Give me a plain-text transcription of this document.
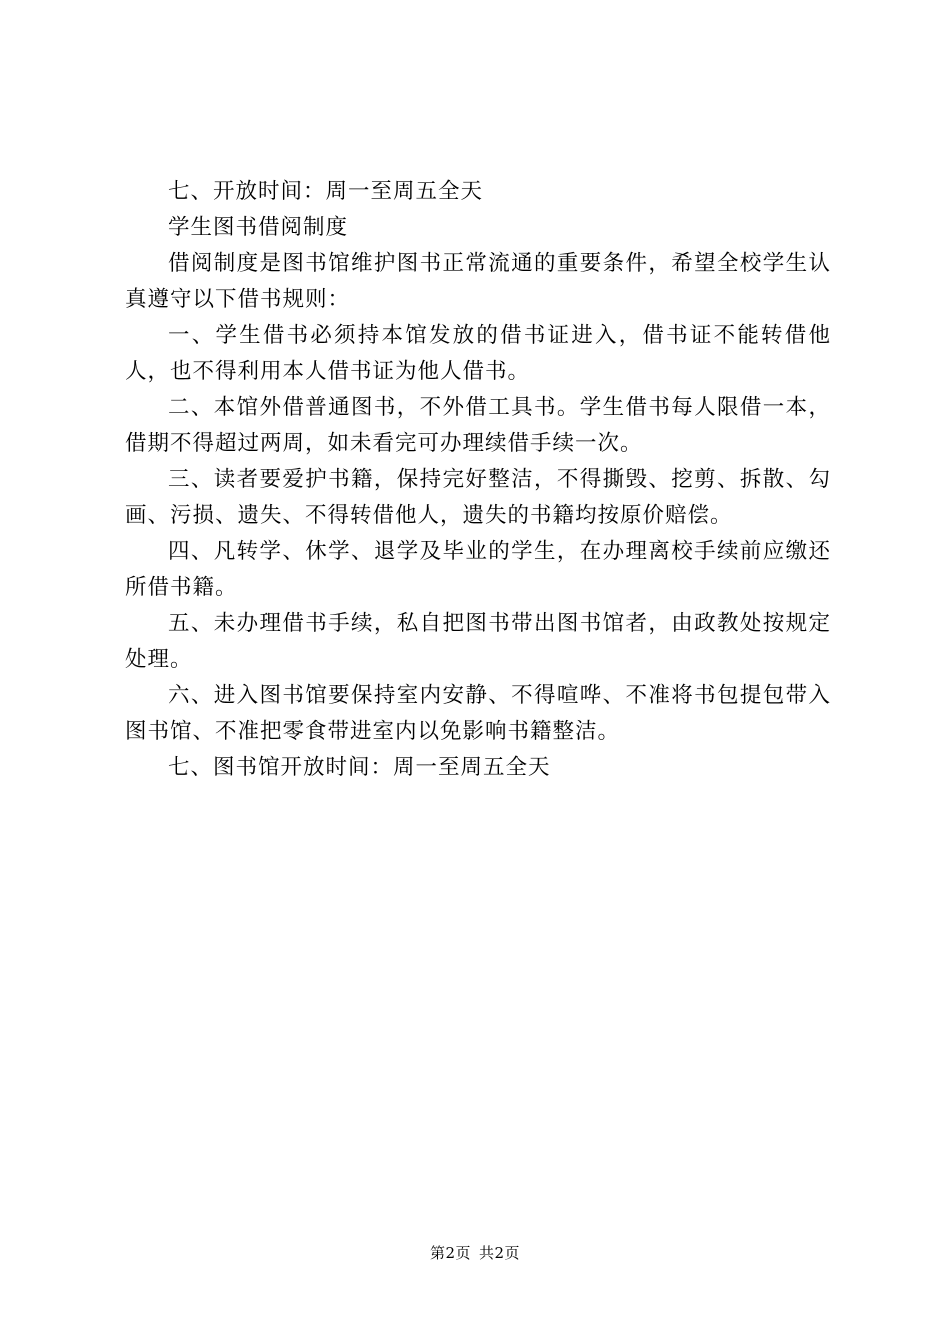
七、开放时间：周一至周五全天

学生图书借阅制度

借阅制度是图书馆维护图书正常流通的重要条件，希望全校学生认真遵守以下借书规则：

一、学生借书必须持本馆发放的借书证进入，借书证不能转借他人，也不得利用本人借书证为他人借书。

二、本馆外借普通图书，不外借工具书。学生借书每人限借一本，借期不得超过两周，如未看完可办理续借手续一次。

三、读者要爱护书籍，保持完好整洁，不得撕毁、挖剪、拆散、勾画、污损、遗失、不得转借他人，遗失的书籍均按原价赔偿。

四、凡转学、休学、退学及毕业的学生，在办理离校手续前应缴还所借书籍。

五、未办理借书手续，私自把图书带出图书馆者，由政教处按规定处理。

六、进入图书馆要保持室内安静、不得喧哗、不准将书包提包带入图书馆、不准把零食带进室内以免影响书籍整洁。

七、图书馆开放时间：周一至周五全天

第2页 共2页
